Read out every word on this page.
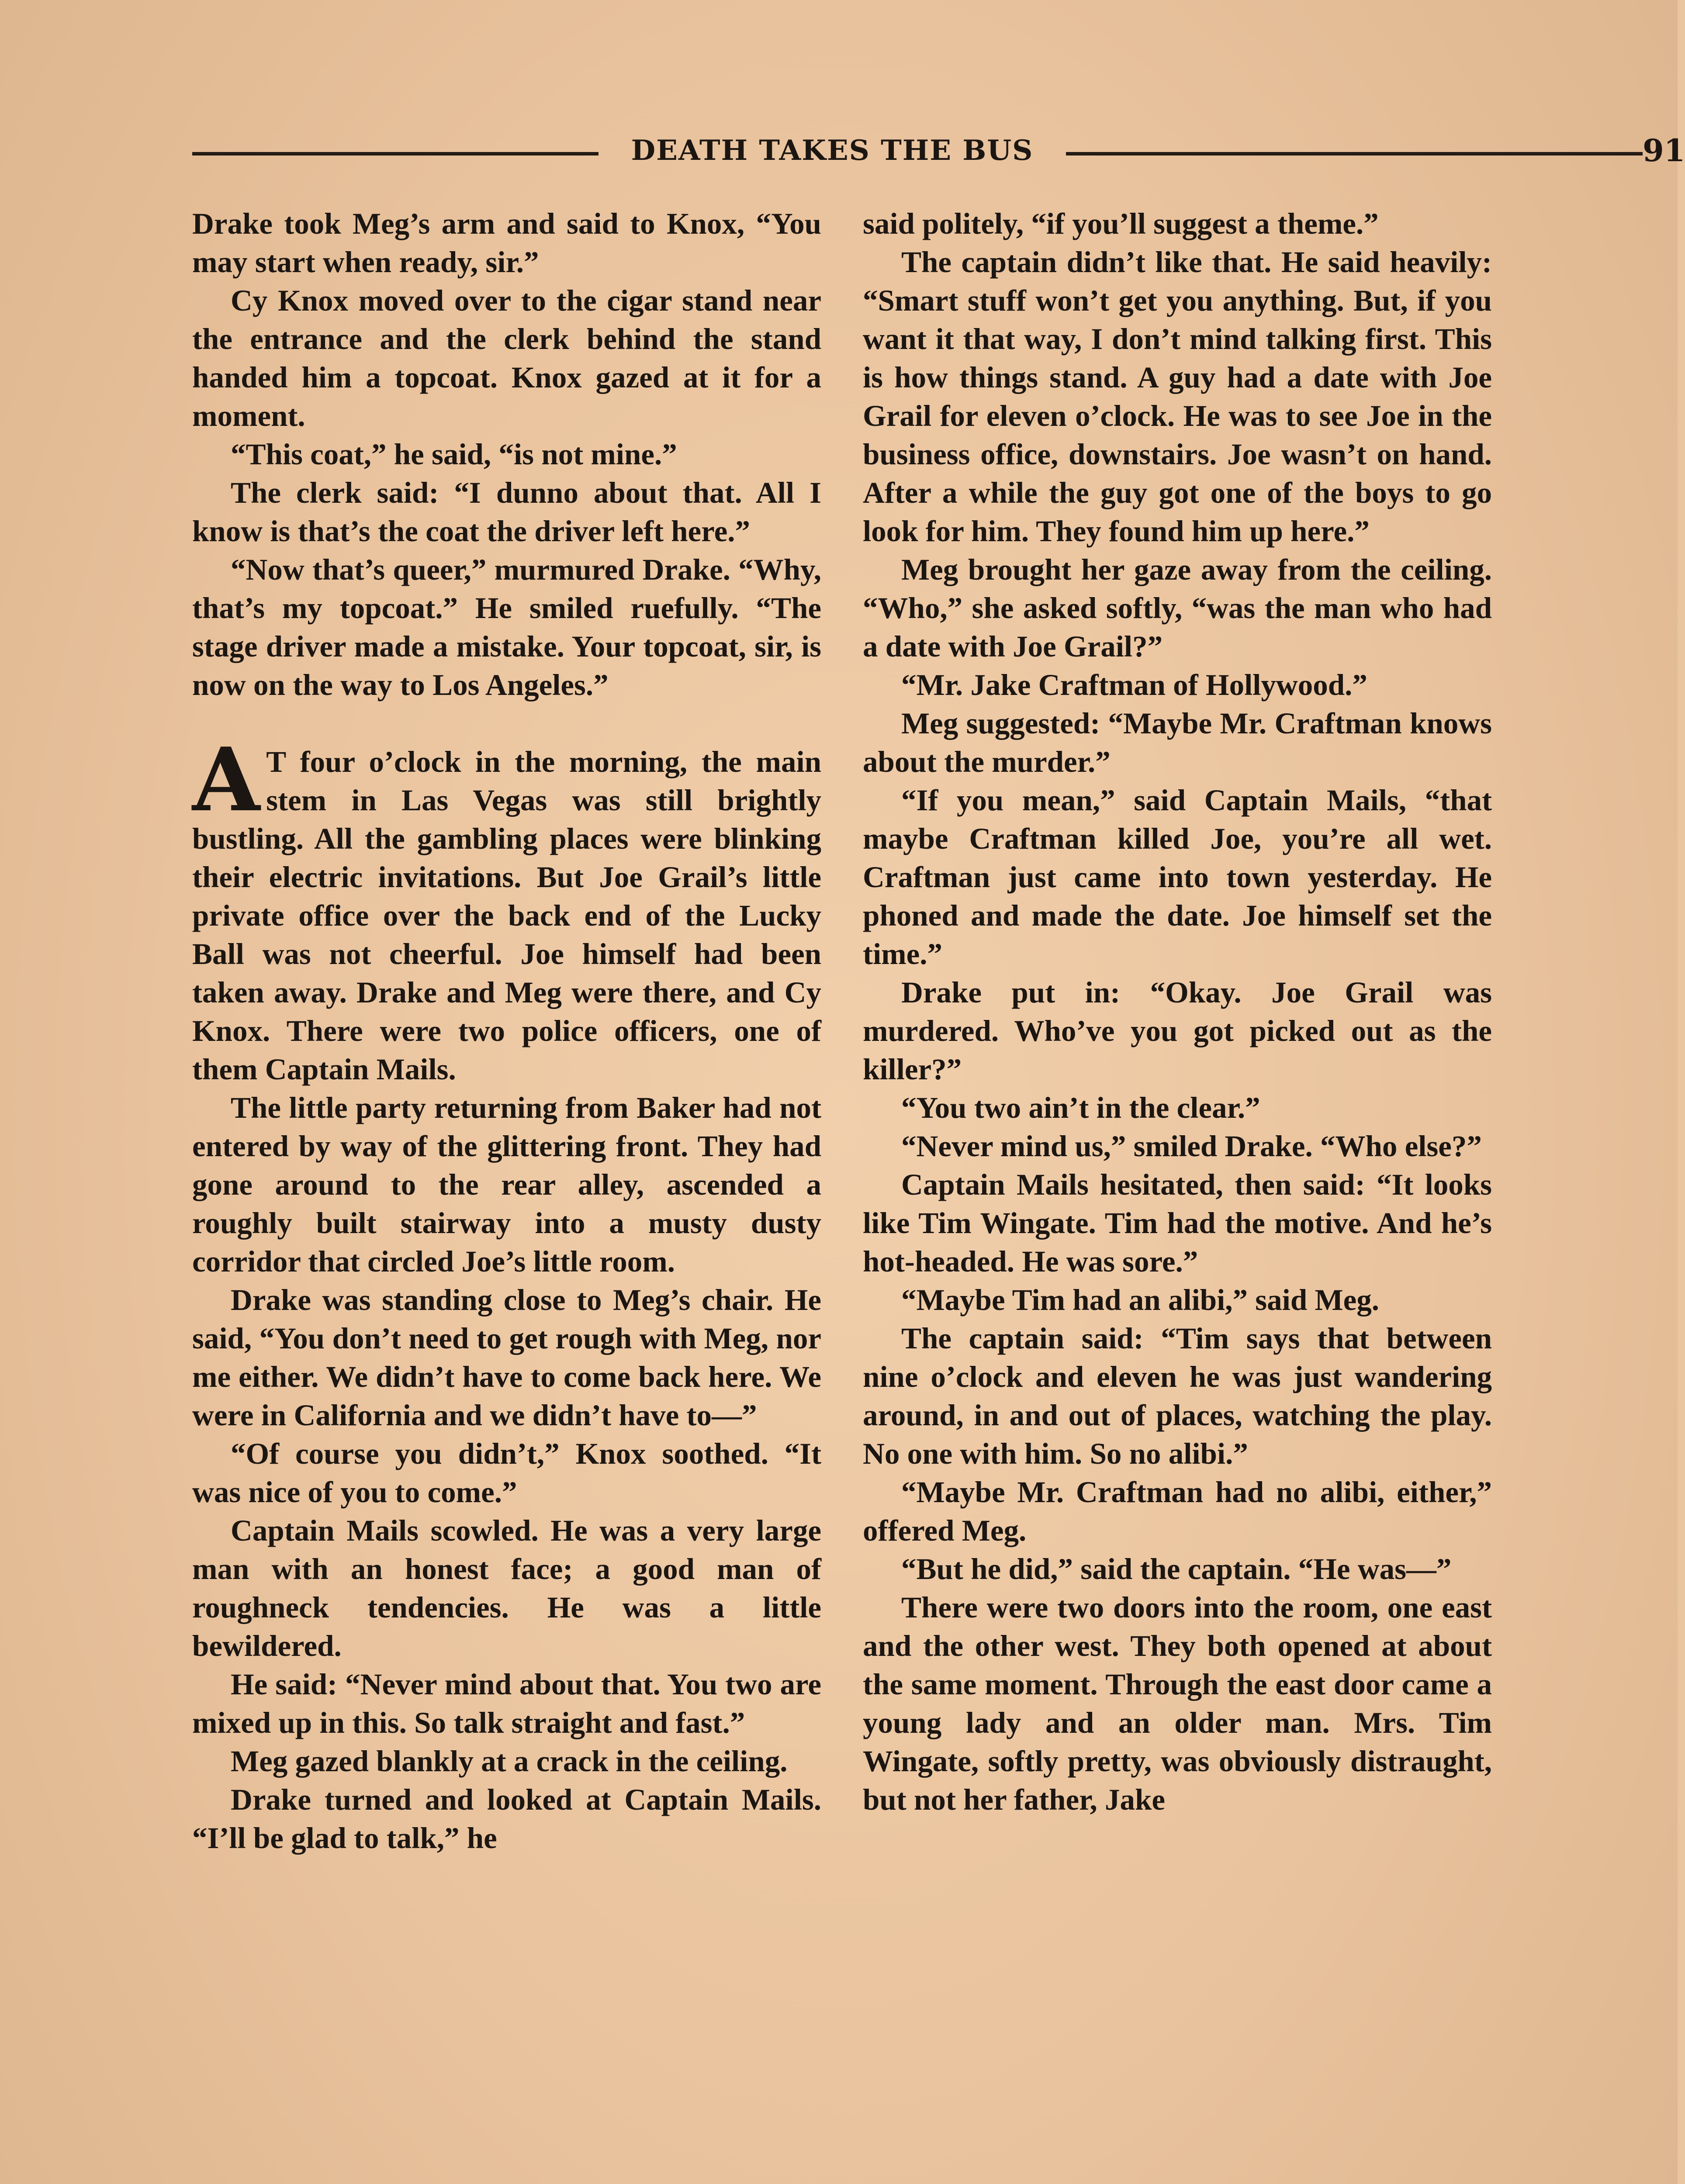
DEATH TAKES THE BUS	91

Drake took Meg’s arm and said to Knox, “You may start when ready, sir.”

Cy Knox moved over to the cigar stand near the entrance and the clerk behind the stand handed him a topcoat. Knox gazed at it for a moment.

“This coat,” he said, “is not mine.”

The clerk said: “I dunno about that. All I know is that’s the coat the driver left here.”

“Now that’s queer,” murmured Drake. “Why, that’s my topcoat.” He smiled ruefully. “The stage driver made a mistake. Your topcoat, sir, is now on the way to Los Angeles.”

A T four o’clock in the morning, the main stem in Las Vegas was still brightly bustling. All the gambling places were blinking their electric invitations. But Joe Grail’s little private office over the back end of the Lucky Ball was not cheerful. Joe himself had been taken away. Drake and Meg were there, and Cy Knox. There were two police officers, one of them Captain Mails.

The little party returning from Baker had not entered by way of the glittering front. They had gone around to the rear alley, ascended a roughly built stairway into a musty dusty corridor that circled Joe’s little room.

Drake was standing close to Meg’s chair. He said, “You don’t need to get rough with Meg, nor me either. We didn’t have to come back here. We were in California and we didn’t have to—”

“Of course you didn’t,” Knox soothed. “It was nice of you to come.”

Captain Mails scowled. He was a very large man with an honest face; a good man of roughneck tendencies. He was a little bewildered.

He said: “Never mind about that. You two are mixed up in this. So talk straight and fast.”

Meg gazed blankly at a crack in the ceiling.

Drake turned and looked at Captain Mails. “I’ll be glad to talk,” he

said politely, “if you’ll suggest a theme.”

The captain didn’t like that. He said heavily: “Smart stuff won’t get you anything. But, if you want it that way, I don’t mind talking first. This is how things stand. A guy had a date with Joe Grail for eleven o’clock. He was to see Joe in the business office, downstairs. Joe wasn’t on hand. After a while the guy got one of the boys to go look for him. They found him up here.”

Meg brought her gaze away from the ceiling. “Who,” she asked softly, “was the man who had a date with Joe Grail?”

“Mr. Jake Craftman of Hollywood.”

Meg suggested: “Maybe Mr. Craftman knows about the murder.”

“If you mean,” said Captain Mails, “that maybe Craftman killed Joe, you’re all wet. Craftman just came into town yesterday. He phoned and made the date. Joe himself set the time.”

Drake put in: “Okay. Joe Grail was murdered. Who’ve you got picked out as the killer?”

“You two ain’t in the clear.”

“Never mind us,” smiled Drake. “Who else?”

Captain Mails hesitated, then said: “It looks like Tim Wingate. Tim had the motive. And he’s hot-headed. He was sore.”

“Maybe Tim had an alibi,” said Meg.

The captain said: “Tim says that between nine o’clock and eleven he was just wandering around, in and out of places, watching the play. No one with him. So no alibi.”

“Maybe Mr. Craftman had no alibi, either,” offered Meg.

“But he did,” said the captain. “He was—”

There were two doors into the room, one east and the other west. They both opened at about the same moment. Through the east door came a young lady and an older man. Mrs. Tim Wingate, softly pretty, was obviously distraught, but not her father, Jake
